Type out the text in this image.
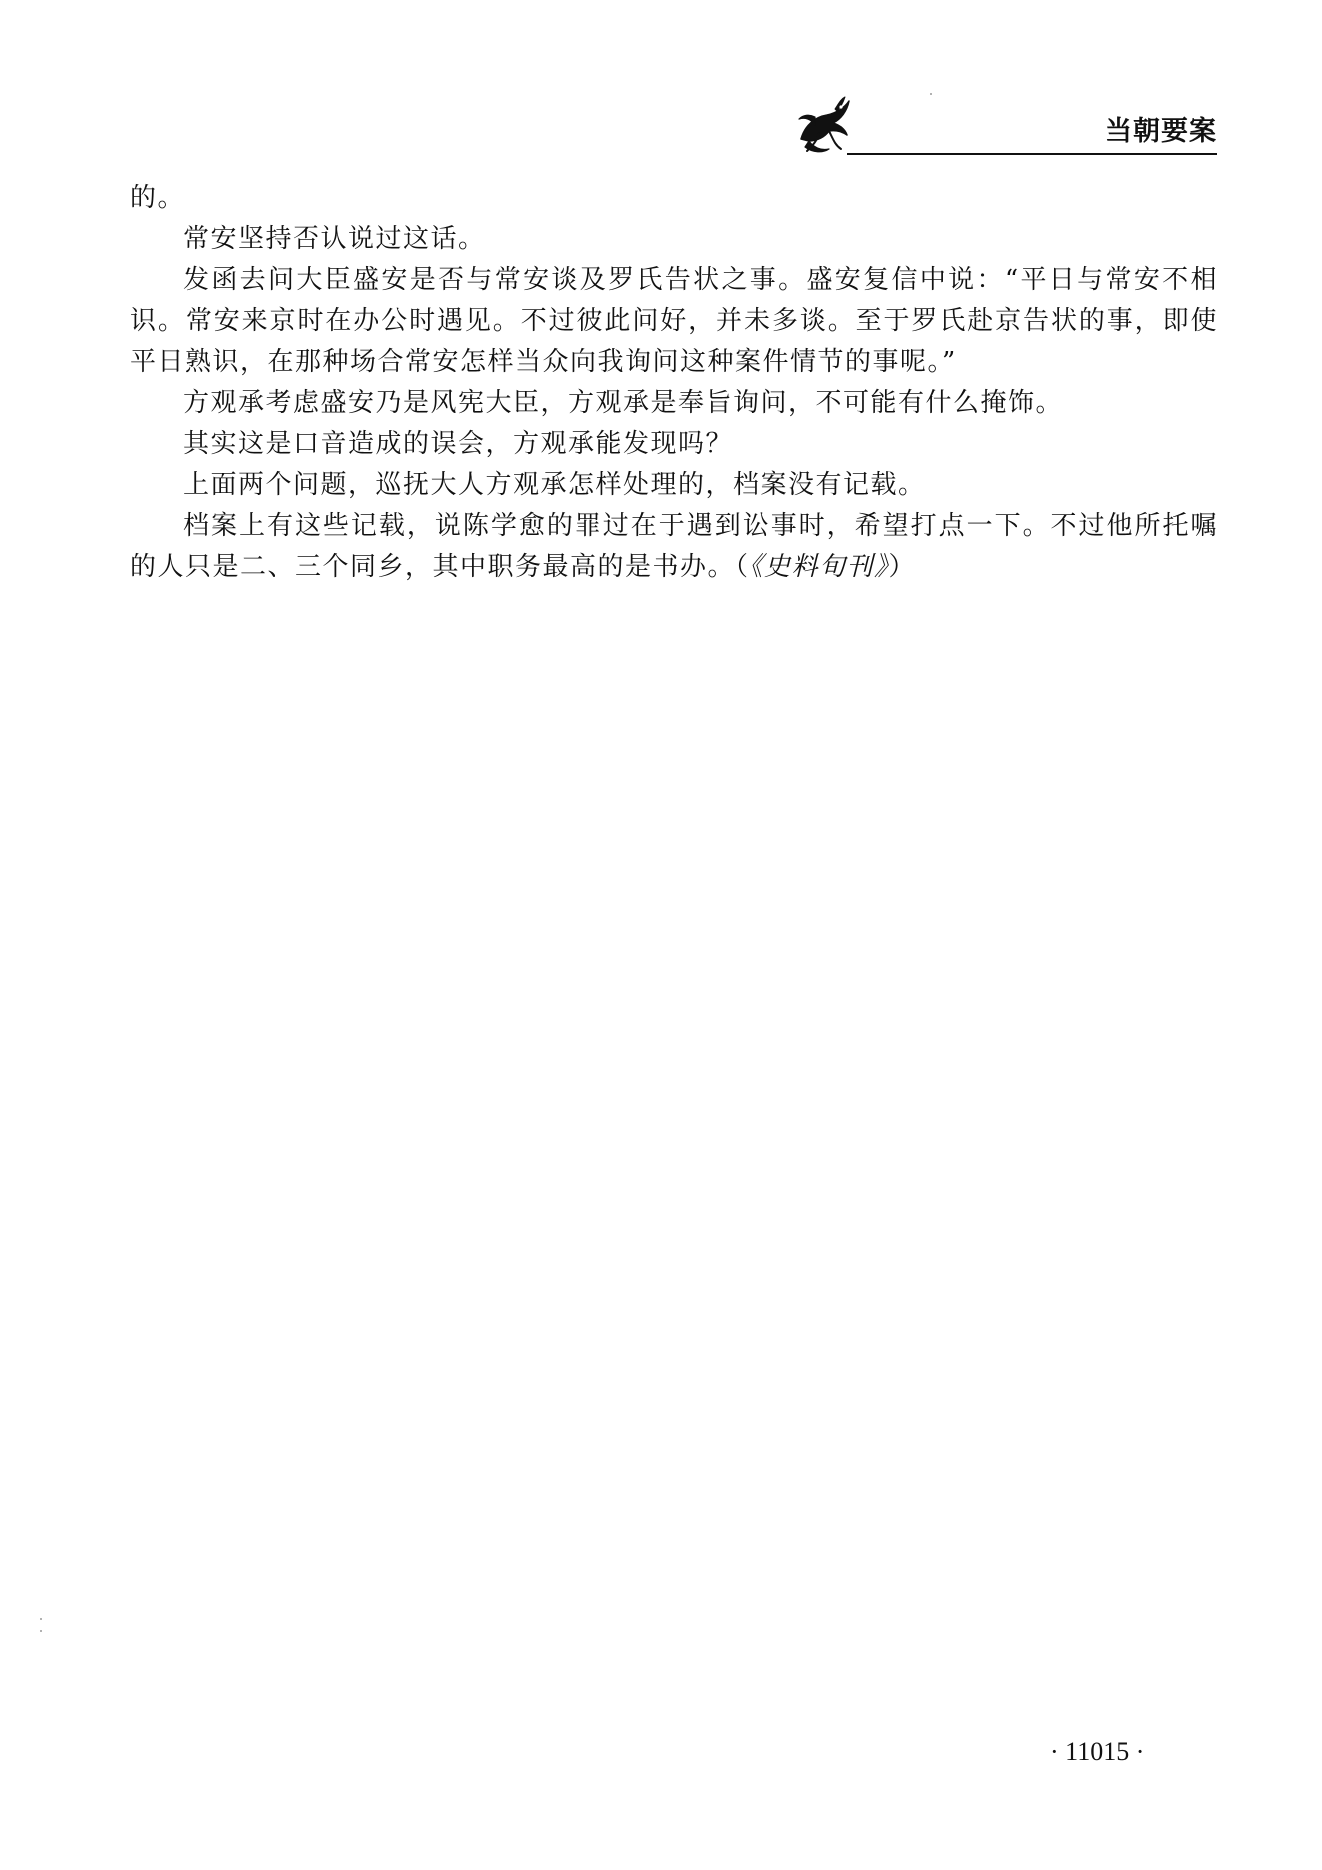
当朝要案

的。

常安坚持否认说过这话。

发函去问大臣盛安是否与常安谈及罗氏告状之事。盛安复信中说：“平日与常安不相识。常安来京时在办公时遇见。不过彼此问好，并未多谈。至于罗氏赴京告状的事，即使平日熟识，在那种场合常安怎样当众向我询问这种案件情节的事呢。”

方观承考虑盛安乃是风宪大臣，方观承是奉旨询问，不可能有什么掩饰。

其实这是口音造成的误会，方观承能发现吗？

上面两个问题，巡抚大人方观承怎样处理的，档案没有记载。

档案上有这些记载，说陈学愈的罪过在于遇到讼事时，希望打点一下。不过他所托嘱的人只是二、三个同乡，其中职务最高的是书办。（《史料旬刊》）

· 11015 ·
